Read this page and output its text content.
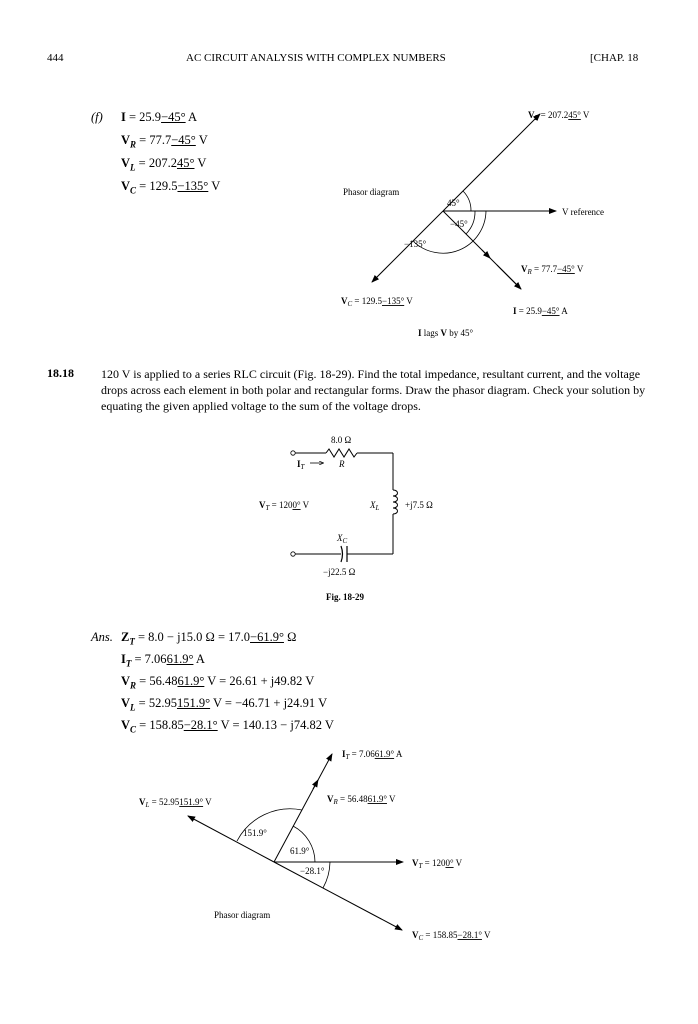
444	AC CIRCUIT ANALYSIS WITH COMPLEX NUMBERS	[CHAP. 18
(f) I = 25.9−45° A
$V_R = 77.7-45^\circ$ V
$V_L = 207.245^\circ$ V
$V_C = 129.5-135^\circ$ V	Phasor diagram
45°
−45°
−135°
V reference
$V_L = 207.245^\circ$ V
$V_R = 77.7-45^\circ$ V
$V_C = 129.5-135^\circ$ V
I = 25.9−45° A
I lags V by 45°
18.18 120 V is applied to a series RLC circuit (Fig. 18-29). Find the total impedance, resultant current, and the voltage drops across each element in both polar and rectangular forms. Draw the phasor diagram. Check your solution by equating the given applied voltage to the sum of the voltage drops.
8.0 Ω
R
$I_T$
$V_T = 1200^\circ$ V	$X_L$	+j7.5 Ω
$X_C$
−j22.5 Ω
Fig. 18-29
Ans. $Z_T = 8.0 - j15.0$ Ω = 17.0−61.9° Ω
$I_T = 7.0661.9^\circ$ A
$V_R = 56.4861.9^\circ$ V = 26.61 + j49.82 V
$V_L = 52.95151.9^\circ$ V = −46.71 + j24.91 V
$V_C = 158.85-28.1^\circ$ V = 140.13 − j74.82 V
$I_T = 7.0661.9^\circ$ A
$V_R = 56.4861.9^\circ$ V
$V_L = 52.95151.9^\circ$ V
$V_T = 1200^\circ$ V
$V_C = 158.85-28.1^\circ$ V
151.9°
61.9°
−28.1°
Phasor diagram
